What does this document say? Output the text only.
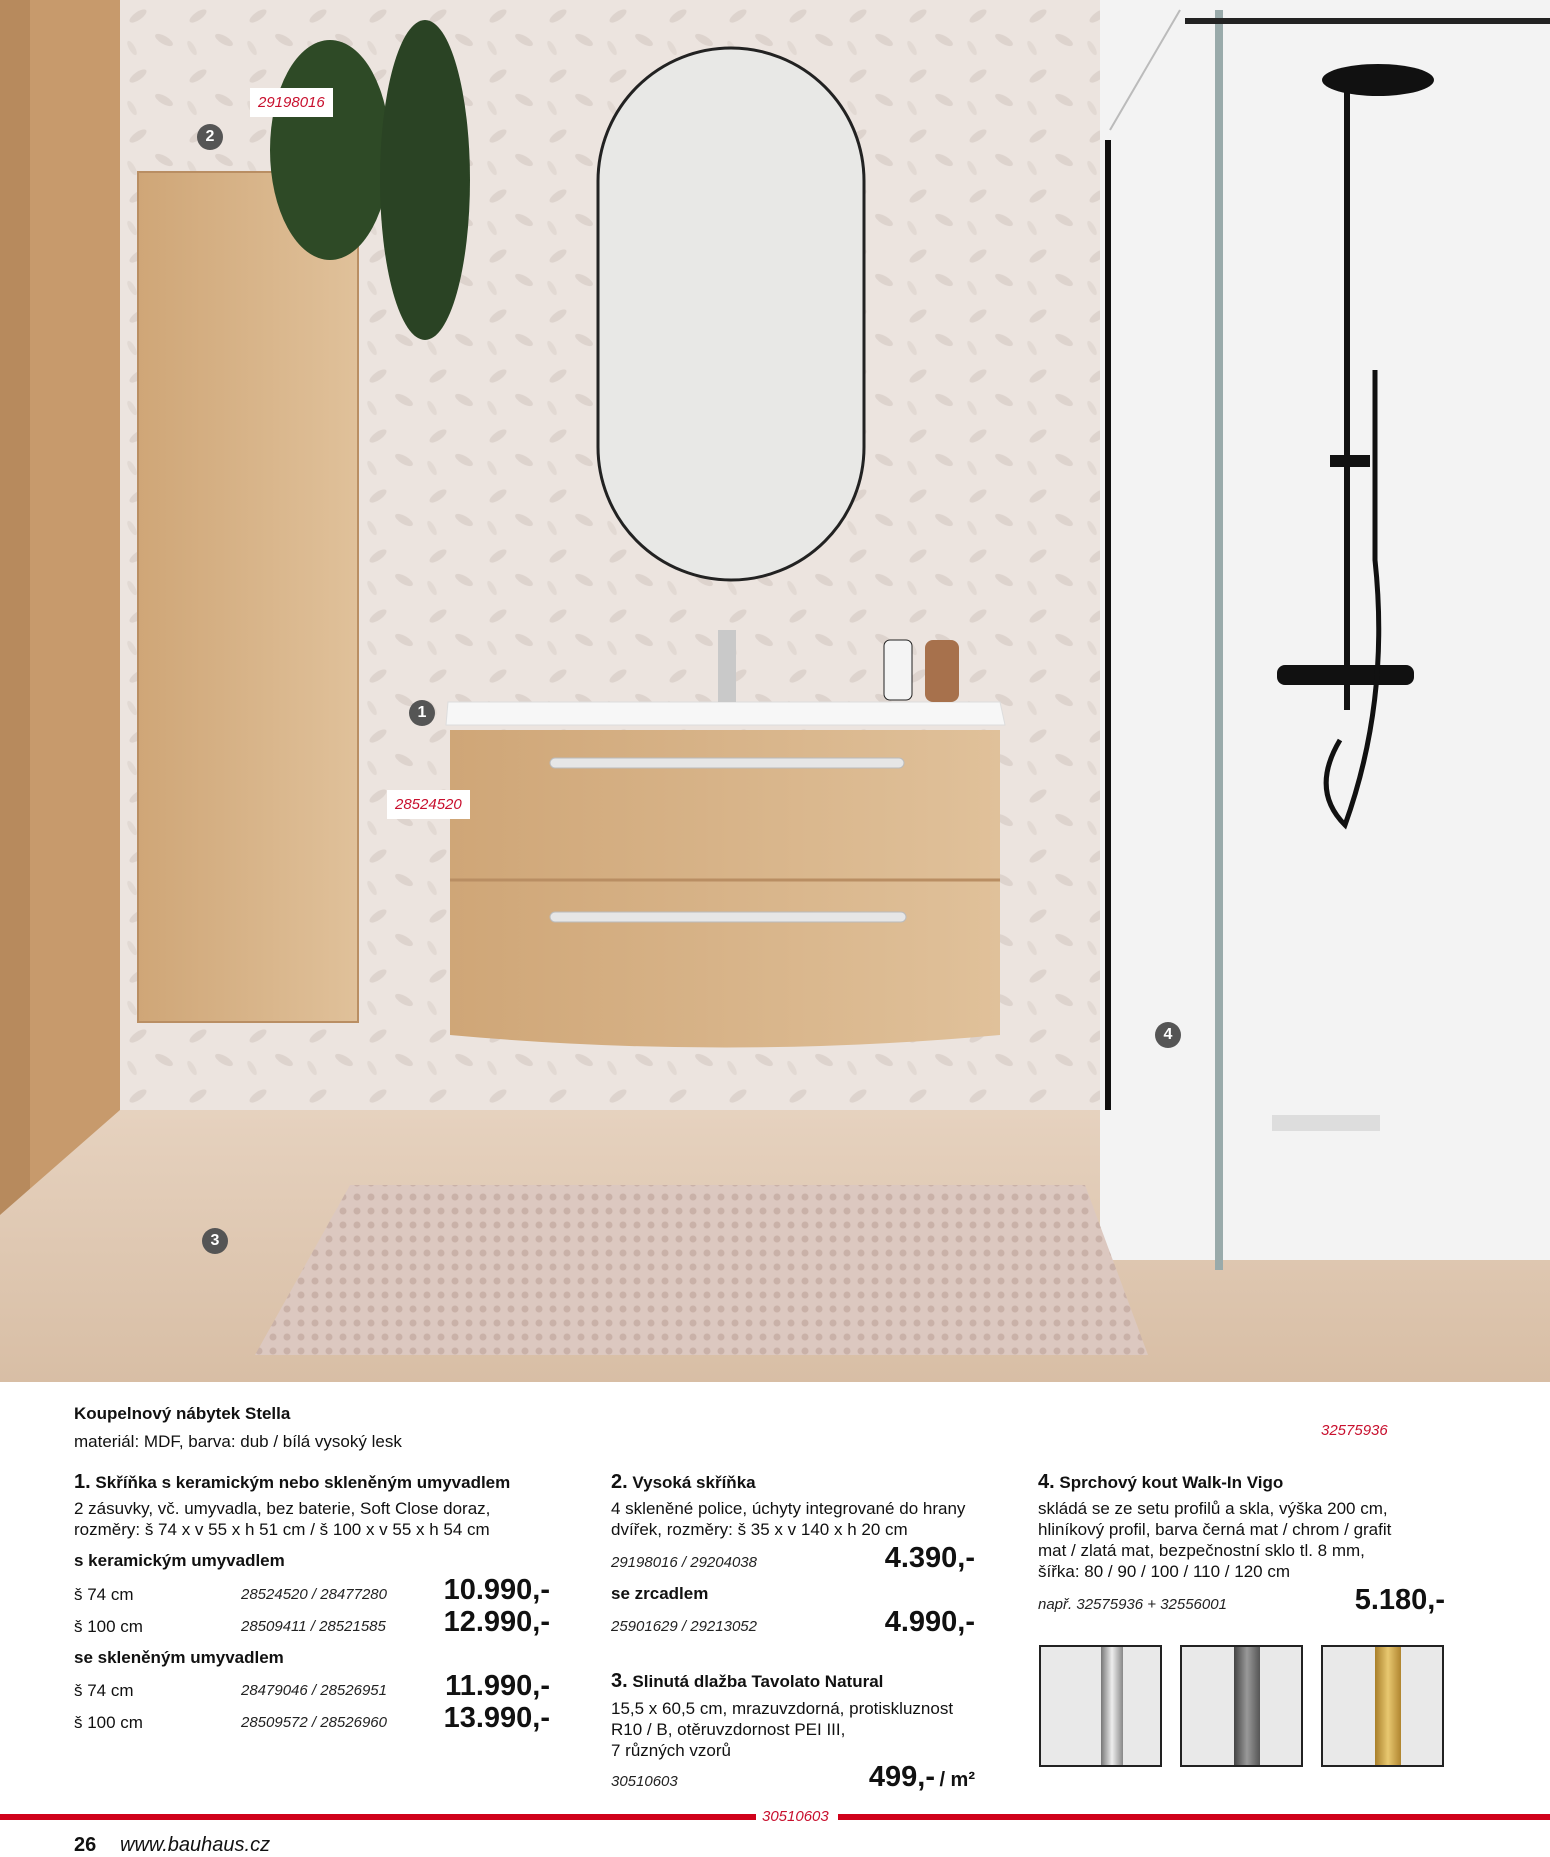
29198016
28524520
2
1
3
4
Koupelnový nábytek Stella
materiál: MDF, barva: dub / bílá vysoký lesk
32575936
1. Skříňka s keramickým nebo skleněným umyvadlem
2 zásuvky, vč. umyvadla, bez baterie, Soft Close doraz,
rozměry: š 74 x v 55 x h 51 cm / š 100 x v 55 x h 54 cm
s keramickým umyvadlem
š 74 cm	28524520 / 28477280 10.990,-
š 100 cm	28509411 / 28521585 12.990,-
se skleněným umyvadlem
š 74 cm	28479046 / 28526951 11.990,-
š 100 cm	28509572 / 28526960 13.990,-
2. Vysoká skříňka
4 skleněné police, úchyty integrované do hrany
dvířek, rozměry: š 35 x v 140 x h 20 cm
29198016 / 29204038	4.390,-
se zrcadlem
25901629 / 29213052	4.990,-
3. Slinutá dlažba Tavolato Natural
15,5 x 60,5 cm, mrazuvzdorná, protiskluznost
R10 / B, otěruvzdornost PEI III,
7 různých vzorů
30510603	499,- / m²
4. Sprchový kout Walk-In Vigo
skládá se ze setu profilů a skla, výška 200 cm,
hliníkový profil, barva černá mat / chrom / grafit
mat / zlatá mat, bezpečnostní sklo tl. 8 mm,
šířka: 80 / 90 / 100 / 110 / 120 cm
např. 32575936 + 32556001	5.180,-
30510603
26 www.bauhaus.cz
